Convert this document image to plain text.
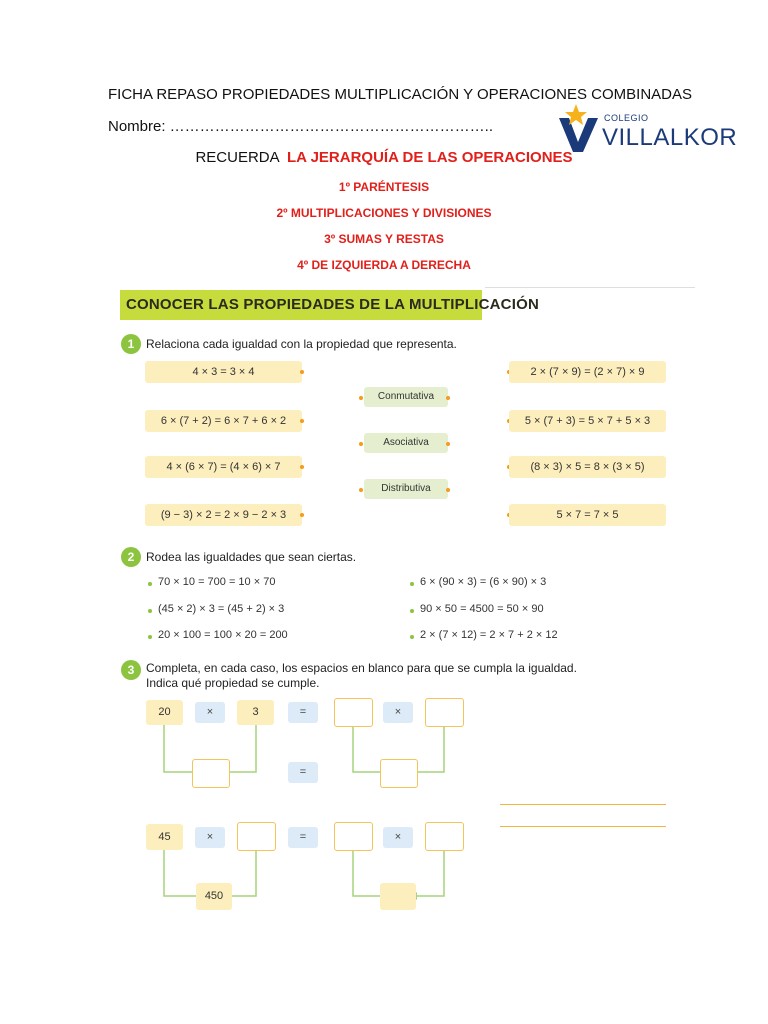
FICHA REPASO PROPIEDADES MULTIPLICACIÓN Y OPERACIONES COMBINADAS
Nombre: ………………………………………………………..	COLEGIO
VILLALKOR
RECUERDA LA JERARQUÍA DE LAS OPERACIONES
1º PARÉNTESIS
2º MULTIPLICACIONES Y DIVISIONES
3º SUMAS Y RESTAS
4º DE IZQUIERDA A DERECHA
CONOCER LAS PROPIEDADES DE LA MULTIPLICACIÓN
1 Relaciona cada igualdad con la propiedad que representa.
4 × 3 = 3 × 4
6 × (7 + 2) = 6 × 7 + 6 × 2
4 × (6 × 7) = (4 × 6) × 7
(9 − 3) × 2 = 2 × 9 − 2 × 3
Conmutativa
Asociativa
Distributiva
2 × (7 × 9) = (2 × 7) × 9
5 × (7 + 3) = 5 × 7 + 5 × 3
(8 × 3) × 5 = 8 × (3 × 5)
5 × 7 = 7 × 5
2 Rodea las igualdades que sean ciertas.
70 × 10 = 700 = 10 × 70
(45 × 2) × 3 = (45 + 2) × 3
20 × 100 = 100 × 20 = 200
6 × (90 × 3) = (6 × 90) × 3
90 × 50 = 4500 = 50 × 90
2 × (7 × 12) = 2 × 7 + 2 × 12
3 Completa, en cada caso, los espacios en blanco para que se cumpla la igualdad.
Indica qué propiedad se cumple.
20	×	3	=	×
=
45	×	=	×
450
